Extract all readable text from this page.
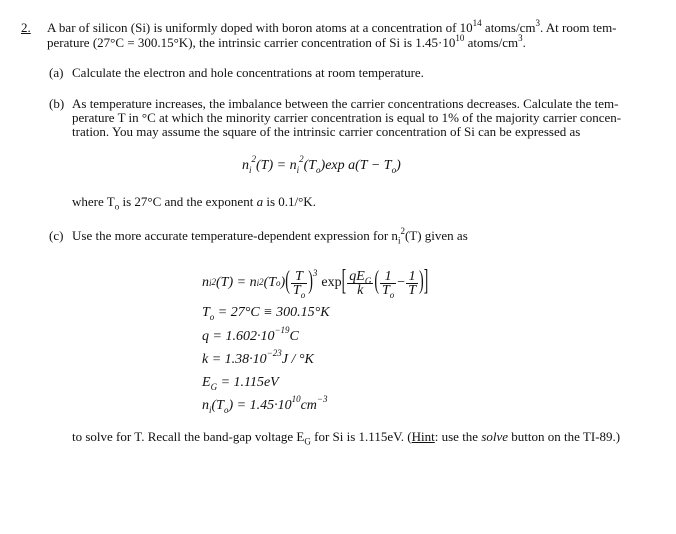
2. A bar of silicon (Si) is uniformly doped with boron atoms at a concentration of $10^{14}$ atoms/$cm^3$. At room tem-
perature (27°C = 300.15°K), the intrinsic carrier concentration of Si is $1.45\cdot 10^{10}$ atoms/$cm^3$.
(a) Calculate the electron and hole concentrations at room temperature.
(b) As temperature increases, the imbalance between the carrier concentrations decreases. Calculate the tem-
perature T in °C at which the minority carrier concentration is equal to 1% of the majority carrier concen-
tration. You may assume the square of the intrinsic carrier concentration of Si can be expressed as
$n_i^2(T) = n_i^2(T_o)\exp$ $a(T - T_o)$
where $T_o$ is 27°C and the exponent a is 0.1/°K.
(c) Use the more accurate temperature-dependent expression for $n_i^2(T)$ given as
n $i^2$ (T) = n $i^2$ (T o ) ( $\frac{T}{T_o} )^3$
exp [ $\frac{qE_G}{k}$ ( $\frac{1}{T_o} - \frac{1}{T}$ ) ]
$T_o = 27^\circ C \equiv 300.15^\circ K$
$q = 1.602\cdot 10^{-19}C$
$k = 1.38\cdot 10^{-23}J / ^\circ K$
$E_G = 1.115eV$
$n_i(T_o) = 1.45\cdot 10^{10}cm^{-3}$
to solve for T. Recall the band-gap voltage $E_G$ for Si is 1.115eV. (Hint: use the solve button on the TI-89.)
